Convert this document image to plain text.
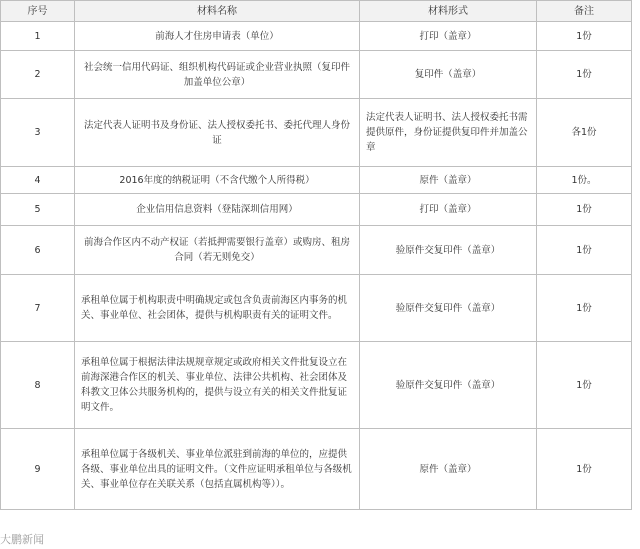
序号	材料名称	材料形式	备注
1	前海人才住房申请表（单位）	打印（盖章）	1份
2	社会统一信用代码证、组织机构代码证或企业营业执照（复印件加盖单位公章）	复印件（盖章）	1份
3	法定代表人证明书及身份证、法人授权委托书、委托代理人身份证	法定代表人证明书、法人授权委托书需提供原件，身份证提供复印件并加盖公章	各1份
4	2016年度的纳税证明（不含代缴个人所得税）	原件（盖章）	1份。
5	企业信用信息资料（登陆深圳信用网）	打印（盖章）	1份
6	前海合作区内不动产权证（若抵押需要银行盖章）或购房、租房合同（若无则免交）	验原件交复印件（盖章）	1份
7	承租单位属于机构职责中明确规定或包含负责前海区内事务的机关、事业单位、社会团体，提供与机构职责有关的证明文件。	验原件交复印件（盖章）	1份
8	承租单位属于根据法律法规规章规定或政府相关文件批复设立在前海深港合作区的机关、事业单位、法律公共机构、社会团体及科教文卫体公共服务机构的，提供与设立有关的相关文件批复证明文件。	验原件交复印件（盖章）	1份
9	承租单位属于各级机关、事业单位派驻到前海的单位的，应提供各级、事业单位出具的证明文件。（文件应证明承租单位与各级机关、事业单位存在关联关系（包括直属机构等））。	原件（盖章）	1份
大鹏新闻
